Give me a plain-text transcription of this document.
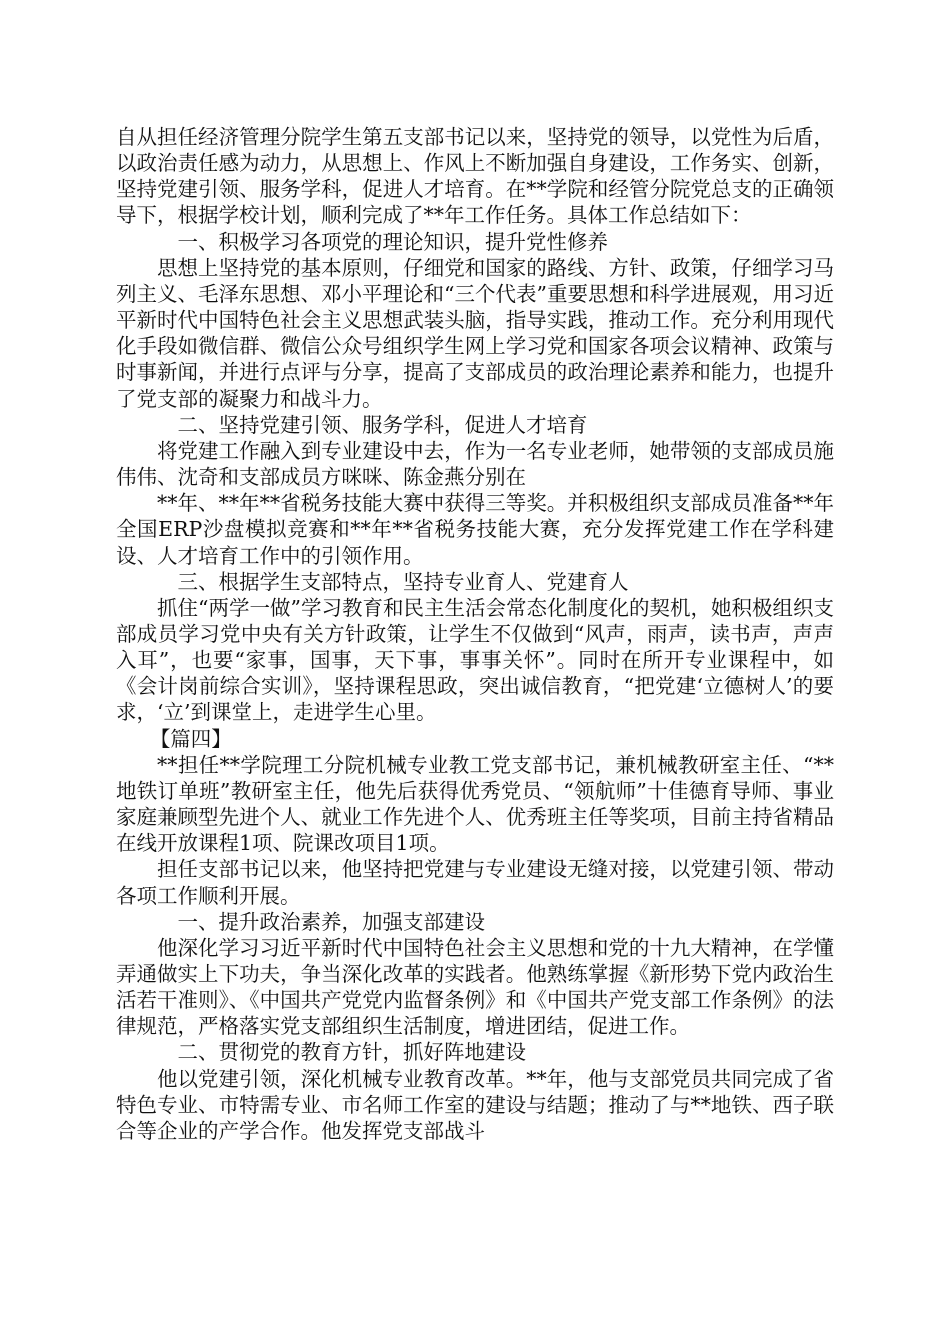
自从担任经济管理分院学生第五支部书记以来，坚持党的领导，以党性为后盾，以政治责任感为动力，从思想上、作风上不断加强自身建设，工作务实、创新，坚持党建引领、服务学科，促进人才培育。在**学院和经管分院党总支的正确领导下，根据学校计划，顺利完成了**年工作任务。具体工作总结如下：

一、积极学习各项党的理论知识，提升党性修养

思想上坚持党的基本原则，仔细党和国家的路线、方针、政策，仔细学习马列主义、毛泽东思想、邓小平理论和“三个代表”重要思想和科学进展观，用习近平新时代中国特色社会主义思想武装头脑，指导实践，推动工作。充分利用现代化手段如微信群、微信公众号组织学生网上学习党和国家各项会议精神、政策与时事新闻，并进行点评与分享，提高了支部成员的政治理论素养和能力，也提升了党支部的凝聚力和战斗力。

二、坚持党建引领、服务学科，促进人才培育

将党建工作融入到专业建设中去，作为一名专业老师，她带领的支部成员施伟伟、沈奇和支部成员方咪咪、陈金燕分别在

**年、**年**省税务技能大赛中获得三等奖。并积极组织支部成员准备**年全国ERP沙盘模拟竞赛和**年**省税务技能大赛，充分发挥党建工作在学科建设、人才培育工作中的引领作用。

三、根据学生支部特点，坚持专业育人、党建育人

抓住“两学一做”学习教育和民主生活会常态化制度化的契机，她积极组织支部成员学习党中央有关方针政策，让学生不仅做到“风声，雨声，读书声，声声入耳”，也要“家事，国事，天下事，事事关怀”。同时在所开专业课程中，如《会计岗前综合实训》，坚持课程思政，突出诚信教育，“把党建‘立德树人’的要求，‘立’到课堂上，走进学生心里。

【篇四】

**担任**学院理工分院机械专业教工党支部书记，兼机械教研室主任、“**地铁订单班”教研室主任，他先后获得优秀党员、“领航师”十佳德育导师、事业家庭兼顾型先进个人、就业工作先进个人、优秀班主任等奖项，目前主持省精品在线开放课程1项、院课改项目1项。

担任支部书记以来，他坚持把党建与专业建设无缝对接，以党建引领、带动各项工作顺利开展。

一、提升政治素养，加强支部建设

他深化学习习近平新时代中国特色社会主义思想和党的十九大精神，在学懂弄通做实上下功夫，争当深化改革的实践者。他熟练掌握《新形势下党内政治生活若干准则》、《中国共产党党内监督条例》和《中国共产党支部工作条例》的法律规范，严格落实党支部组织生活制度，增进团结，促进工作。

二、贯彻党的教育方针，抓好阵地建设

他以党建引领，深化机械专业教育改革。**年，他与支部党员共同完成了省特色专业、市特需专业、市名师工作室的建设与结题；推动了与**地铁、西子联合等企业的产学合作。他发挥党支部战斗
